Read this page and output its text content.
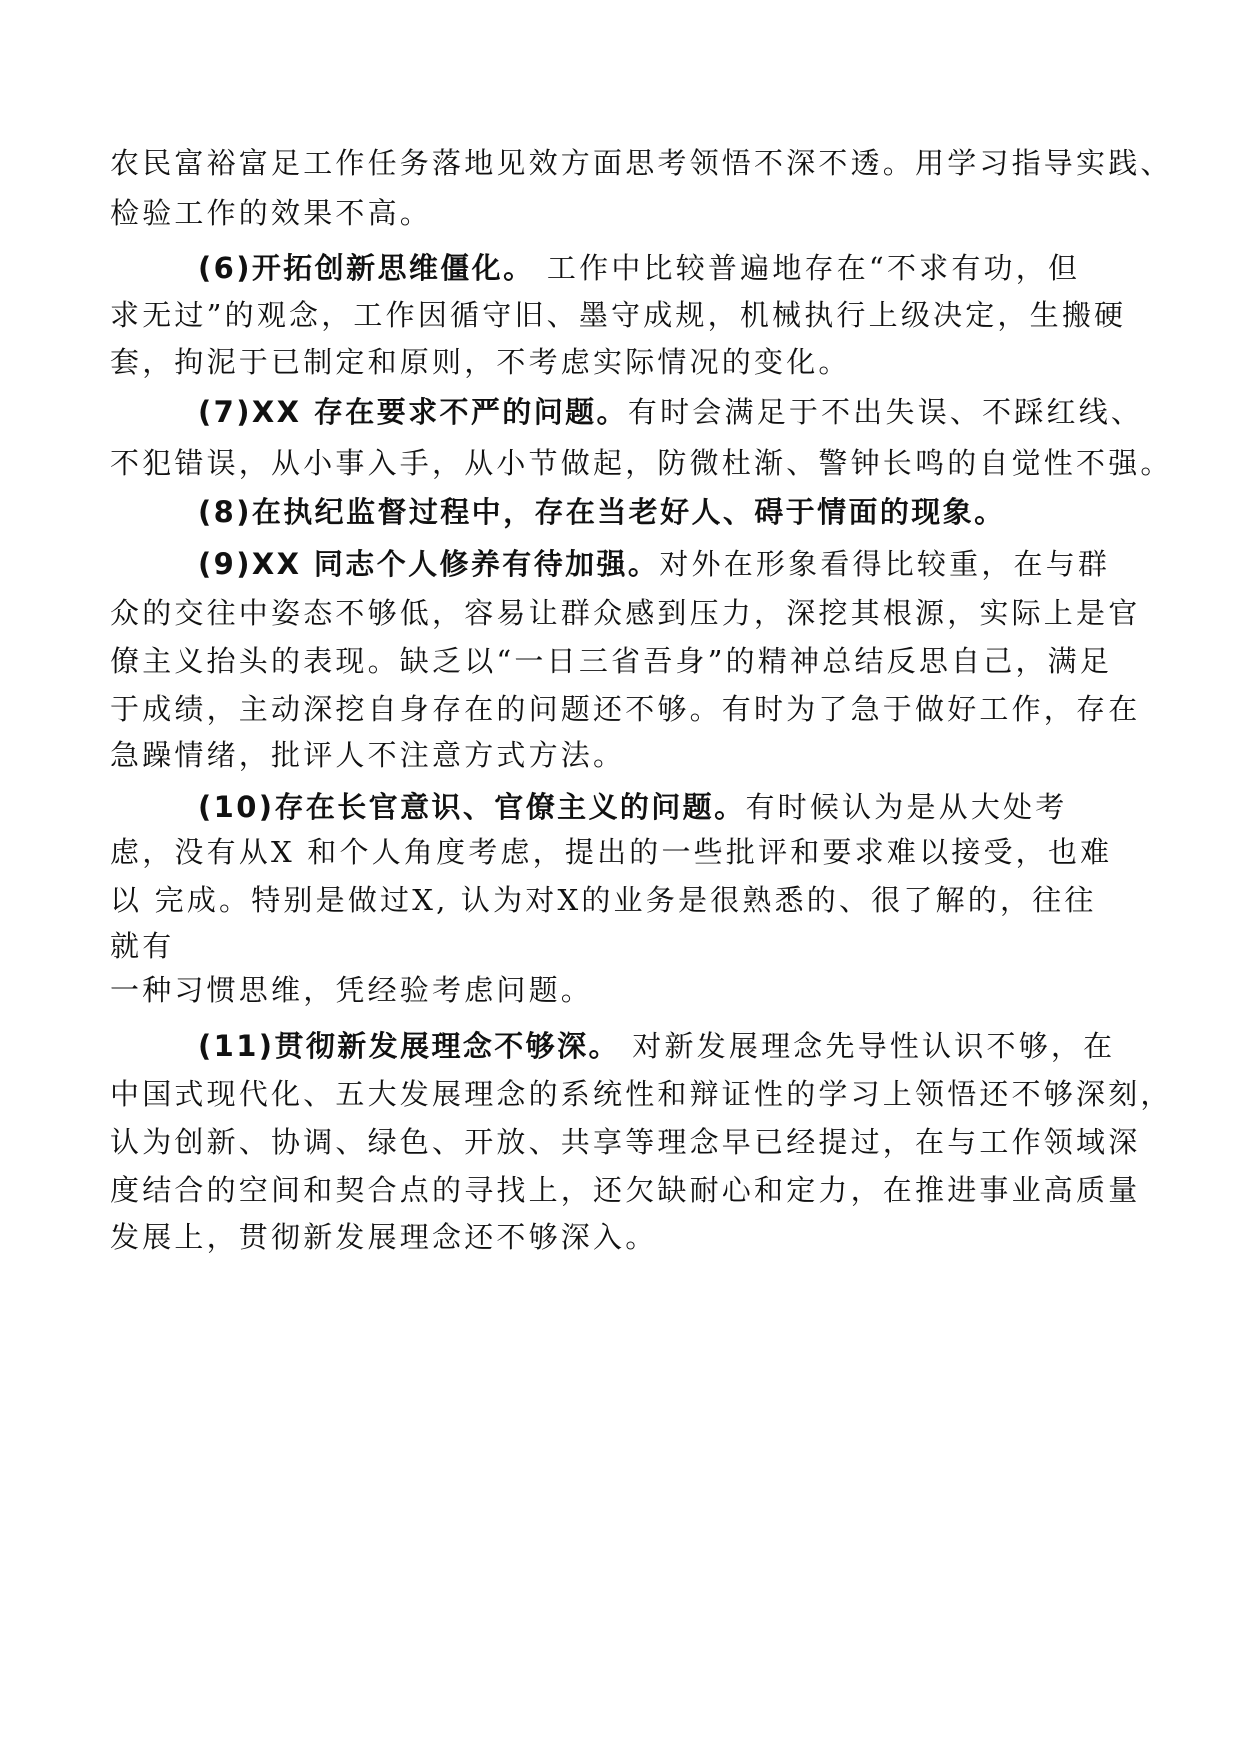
农民富裕富足工作任务落地见效方面思考领悟不深不透。用学习指导实践、
检验工作的效果不高。
(6)开拓创新思维僵化。 工作中比较普遍地存在“不求有功，但
求无过”的观念，工作因循守旧、墨守成规，机械执行上级决定，生搬硬
套，拘泥于已制定和原则，不考虑实际情况的变化。
(7)XX 存在要求不严的问题。有时会满足于不出失误、不踩红线、
不犯错误，从小事入手，从小节做起，防微杜渐、警钟长鸣的自觉性不强。
(8)在执纪监督过程中，存在当老好人、碍于情面的现象。
(9)XX 同志个人修养有待加强。对外在形象看得比较重，在与群
众的交往中姿态不够低，容易让群众感到压力，深挖其根源，实际上是官
僚主义抬头的表现。缺乏以“一日三省吾身”的精神总结反思自己，满足
于成绩，主动深挖自身存在的问题还不够。有时为了急于做好工作，存在
急躁情绪，批评人不注意方式方法。
(10)存在长官意识、官僚主义的问题。有时候认为是从大处考
虑，没有从X 和个人角度考虑，提出的一些批评和要求难以接受，也难
以 完成。特别是做过X, 认为对X的业务是很熟悉的、很了解的，往往
就有
一种习惯思维，凭经验考虑问题。
(11)贯彻新发展理念不够深。 对新发展理念先导性认识不够，在
中国式现代化、五大发展理念的系统性和辩证性的学习上领悟还不够深刻，
认为创新、协调、绿色、开放、共享等理念早已经提过，在与工作领域深
度结合的空间和契合点的寻找上，还欠缺耐心和定力，在推进事业高质量
发展上，贯彻新发展理念还不够深入。
